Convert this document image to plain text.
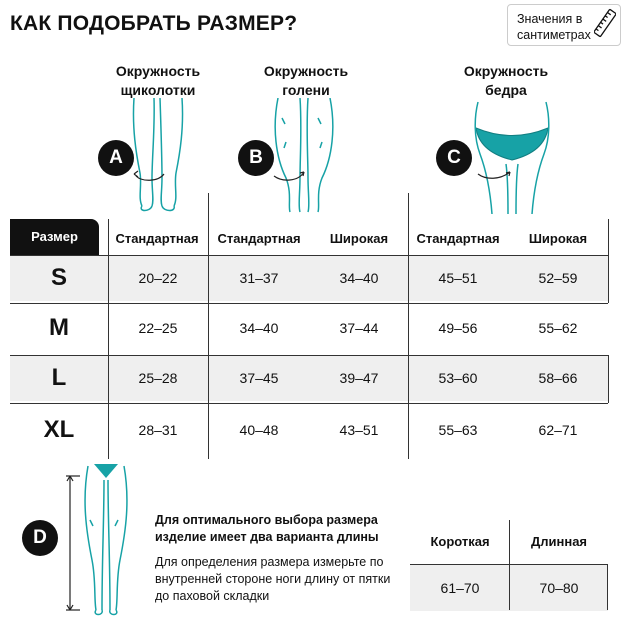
КАК ПОДОБРАТЬ РАЗМЕР?	Значения в сантиметрах
Окружность щиколотки
Окружность голени
Окружность бедра
A	B	C
Размер	Стандартная	Стандартная	Широкая	Стандартная	Широкая
S	20–22	31–37	34–40	45–51	52–59
M	22–25	34–40	37–44	49–56	55–62
L	25–28	37–45	39–47	53–60	58–66
XL	28–31	40–48	43–51	55–63	62–71
D
Для оптимального выбора размера изделие имеет два варианта длины
Для определения размера измерьте по внутренней стороне ноги длину от пятки до паховой складки
Короткая	Длинная
61–70	70–80
